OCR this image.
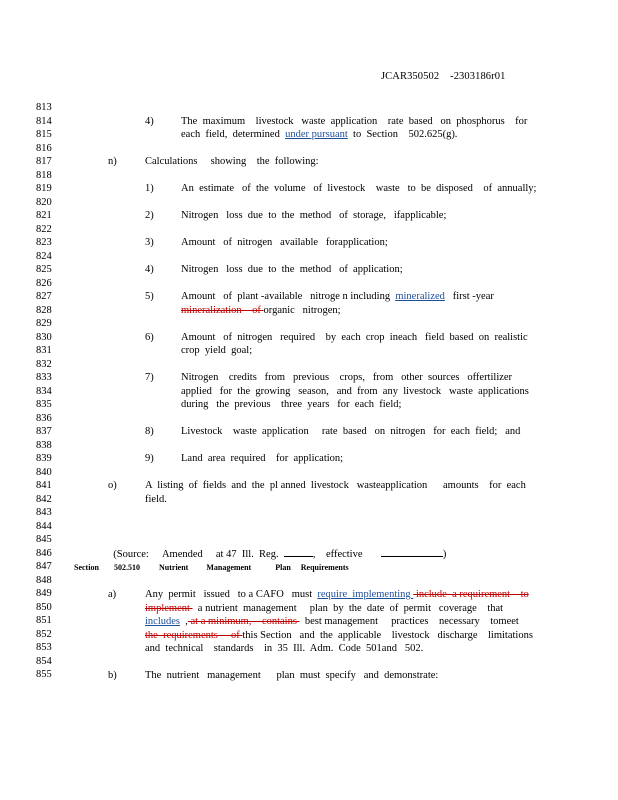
JCAR350502 -2303186r01
813
814
815
816
817
818
819
820
821
822
823
824
825
826
827
828
829
830
831
832
833
834
835
836
837
838
839
840
841
842
843
844
845
846
847
848
849
850
851
852
853
854
855
4)	The  maximum    livestock   waste  application    rate  based   on  phosphorus    for
each  field,  determined  under pursuant  to  Section    502.625(g).
n)	Calculations     showing    the  following:
1)	An  estimate   of  the  volume   of  livestock    waste   to  be  disposed    of  annually;
2)	Nitrogen   loss  due  to  the  method   of  storage,   ifapplicable;
3)	Amount   of  nitrogen   available   forapplication;
4)	Nitrogen   loss  due  to  the  method   of  application;
5)	Amount   of  plant -available   nitroge n including  mineralized   first -year
mineralization    of organic   nitrogen;
6)	Amount   of  nitrogen   required    by  each  crop  ineach   field  based  on  realistic
crop  yield  goal;
7)	Nitrogen    credits   from   previous    crops,   from   other  sources   offertilizer
applied   for  the  growing   season,   and  from  any  livestock   waste  applications
during   the  previous    three  years   for  each  field;
8)	Livestock    waste  application     rate  based   on  nitrogen   for  each  field;   and
9)	Land  area  required    for  application;
o)	A  listing  of  fields  and  the  pl anned  livestock   wasteapplication      amounts    for  each
field.

(Source: Amended     at 47  Ill.  Reg.	, effective	)

Section 502.510 Nutrient         Management            Plan     Requirements
a)	Any  permit   issued   to a CAFO   must  require  implementing  include  a requirement    to
implement   a nutrient  management     plan  by  the  date  of  permit   coverage    that
includes  , at a minimum,    contains   best management     practices    necessary    tomeet
the  requirements     of this Section   and  the  applicable    livestock   discharge    limitations
and  technical    standards    in  35  Ill.  Adm.  Code  501and   502.
b)	The  nutrient   management      plan  must  specify   and  demonstrate:
